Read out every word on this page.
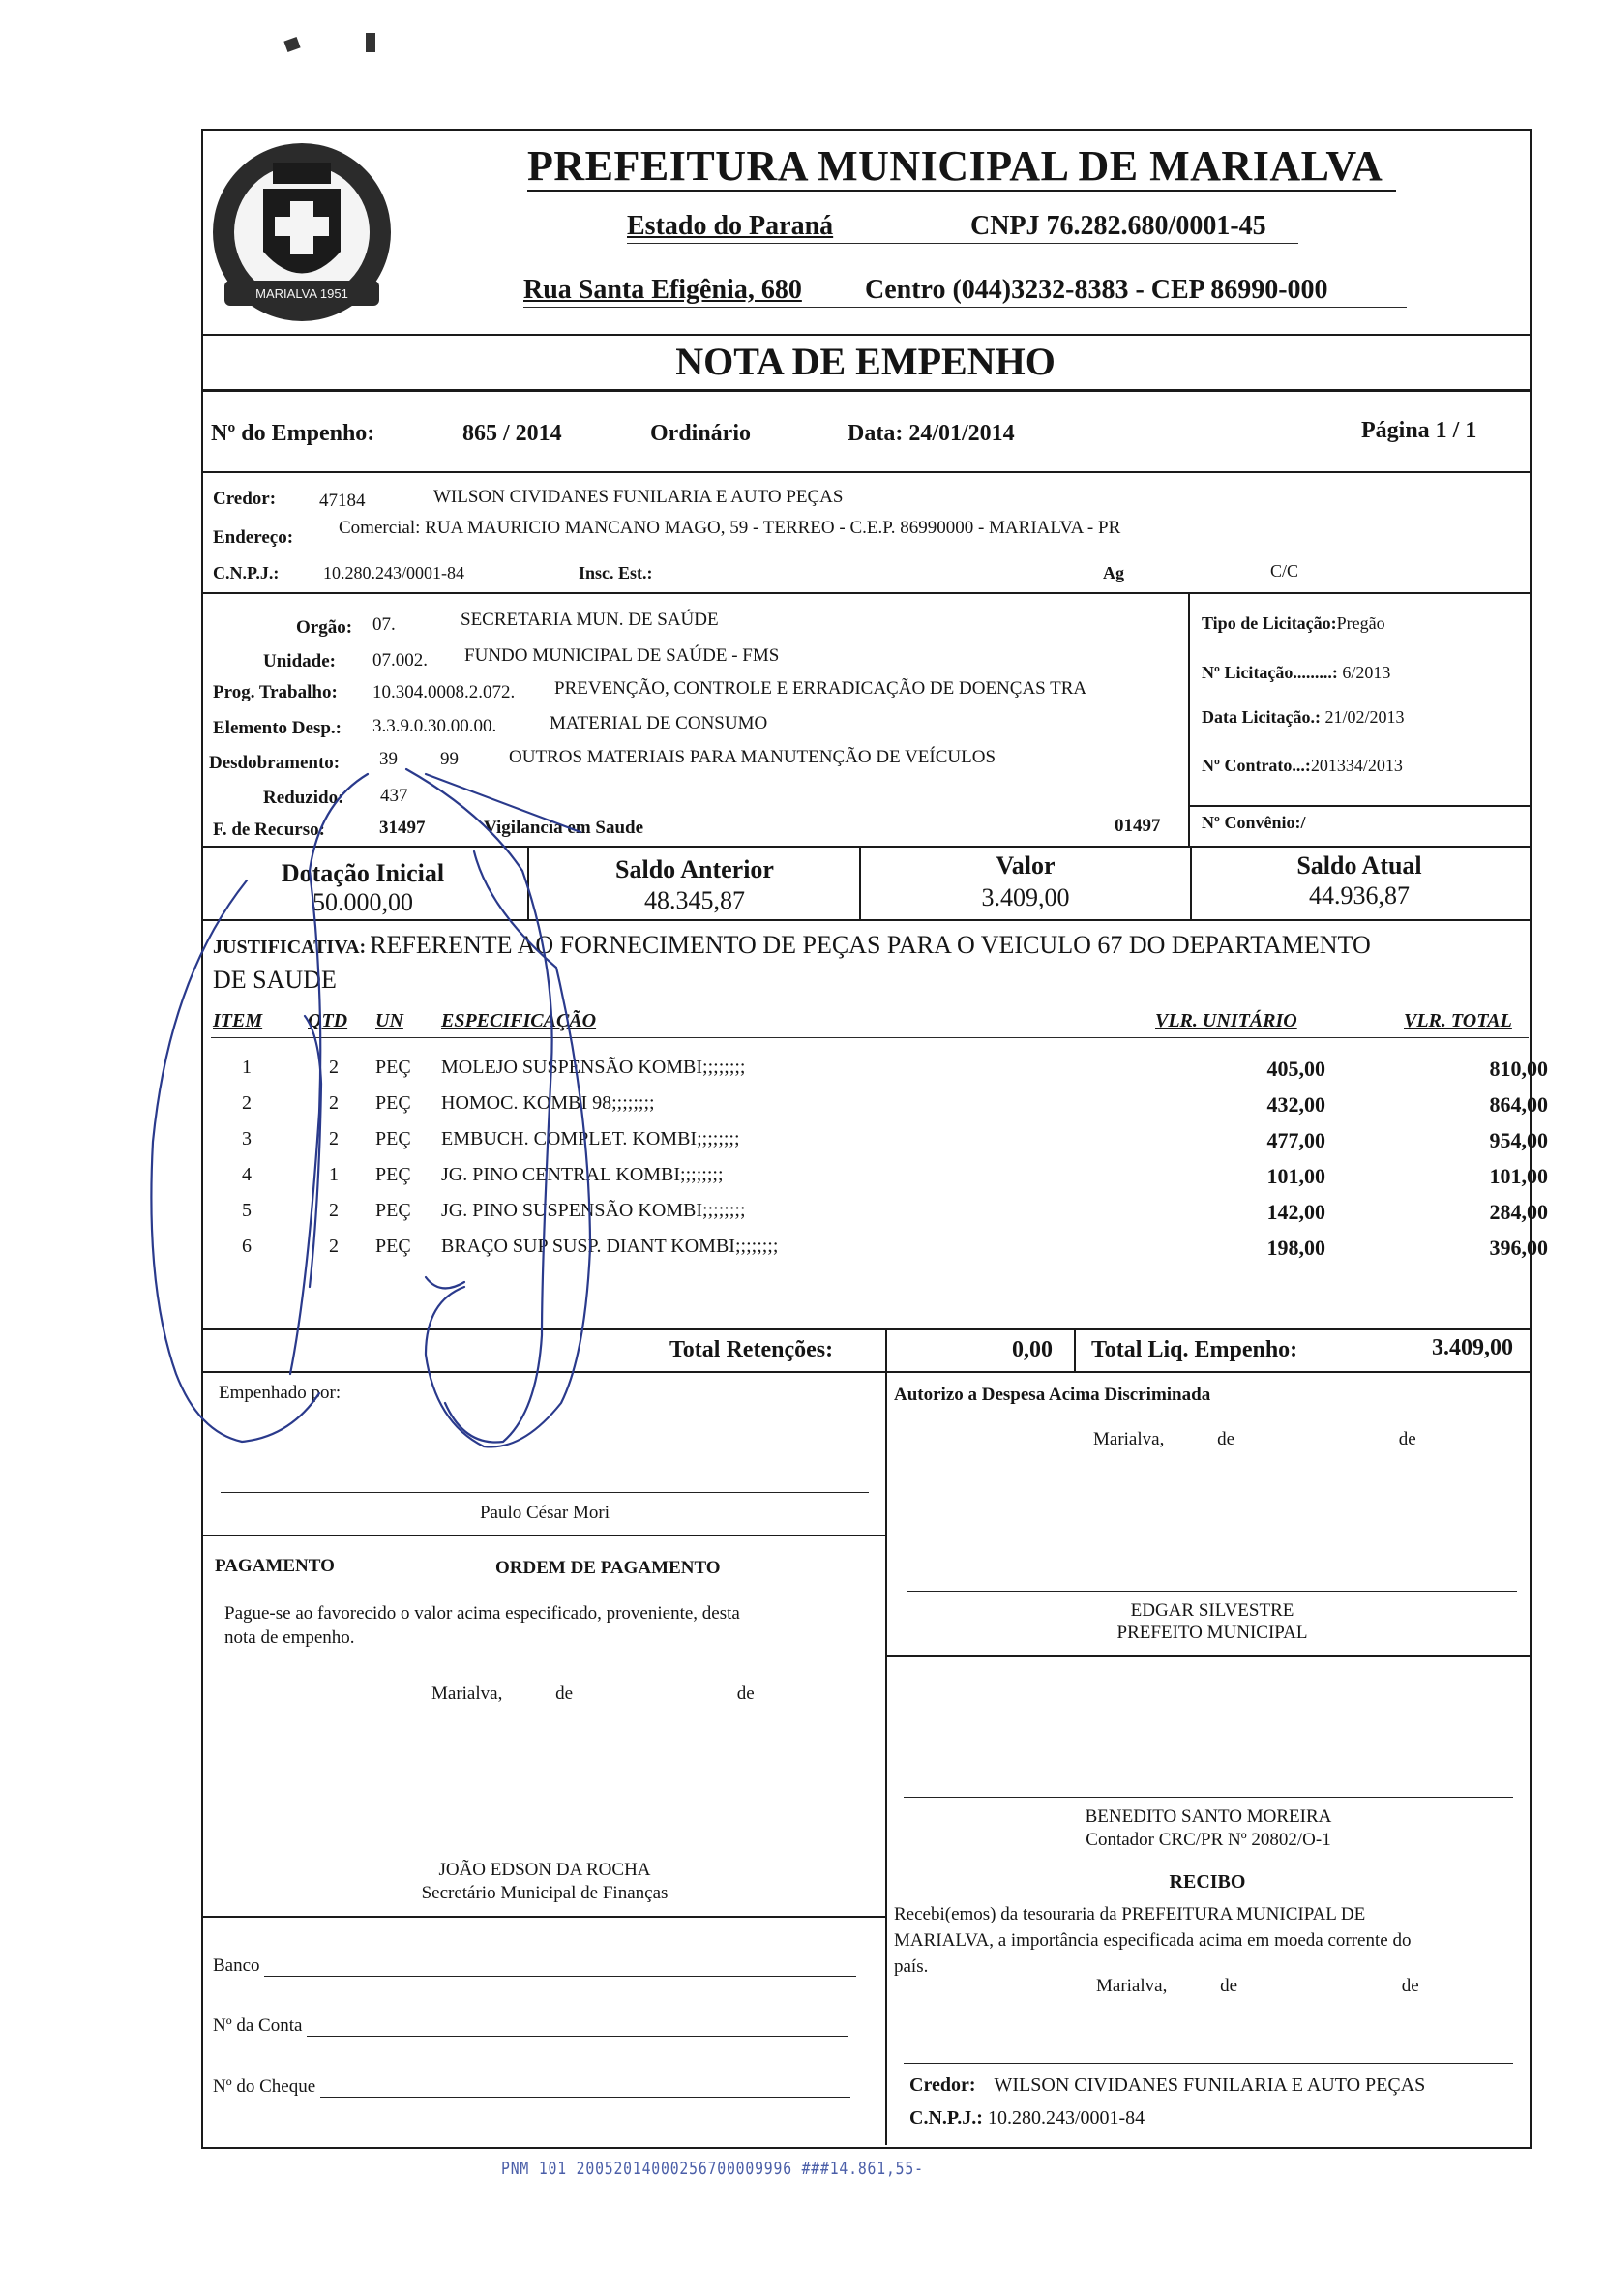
MARIALVA 1951
PREFEITURA MUNICIPAL DE MARIALVA
Estado do Paraná	CNPJ 76.282.680/0001-45
Rua Santa Efigênia, 680 Centro (044)3232-8383 - CEP 86990-000
NOTA DE EMPENHO
Nº do Empenho:	865 / 2014	Ordinário	Data: 24/01/2014	Página 1 / 1
Credor: 47184	WILSON CIVIDANES FUNILARIA E AUTO PEÇAS
Endereço: Comercial: RUA MAURICIO MANCANO MAGO, 59 - TERREO - C.E.P. 86990000 - MARIALVA - PR
C.N.P.J.:	10.280.243/0001-84	Insc. Est.:	Ag	C/C
Orgão: 07.	SECRETARIA MUN. DE SAÚDE
Unidade: 07.002. FUNDO MUNICIPAL DE SAÚDE - FMS
Prog. Trabalho: 10.304.0008.2.072. PREVENÇÃO, CONTROLE E ERRADICAÇÃO DE DOENÇAS TRA
Elemento Desp.: 3.3.9.0.30.00.00.	MATERIAL DE CONSUMO
Desdobramento: 39 99	OUTROS MATERIAIS PARA MANUTENÇÃO DE VEÍCULOS
Reduzido: 437
F. de Recurso:	31497	Vigilancia em Saude	01497
Tipo de Licitação:Pregão
Nº Licitação.........: 6/2013
Data Licitação.: 21/02/2013
Nº Contrato...:201334/2013
Nº Convênio:/
Dotação Inicial
50.000,00
Saldo Anterior
48.345,87
Valor
3.409,00
Saldo Atual
44.936,87
JUSTIFICATIVA: REFERENTE AO FORNECIMENTO DE PEÇAS PARA O VEICULO 67 DO DEPARTAMENTO
DE SAUDE
ITEM	QTD UN ESPECIFICAÇÃO	VLR. UNITÁRIO	VLR. TOTAL
1	2 PEÇ MOLEJO SUSPENSÃO KOMBI;;;;;;;;	405,00	810,00
2	2 PEÇ HOMOC. KOMBI 98;;;;;;;;	432,00	864,00
3	2 PEÇ EMBUCH. COMPLET. KOMBI;;;;;;;;	477,00	954,00
4	1 PEÇ JG. PINO CENTRAL KOMBI;;;;;;;;	101,00	101,00
5	2 PEÇ JG. PINO SUSPENSÃO KOMBI;;;;;;;;	142,00	284,00
6	2 PEÇ BRAÇO SUP SUSP. DIANT KOMBI;;;;;;;;	198,00	396,00
Total Retenções:	0,00 Total Liq. Empenho:	3.409,00
Empenhado por:
Paulo César Mori
Autorizo a Despesa Acima Discriminada
Marialva,	de	de
EDGAR SILVESTRE
PREFEITO MUNICIPAL
PAGAMENTO	ORDEM DE PAGAMENTO
Pague-se ao favorecido o valor acima especificado, proveniente, desta
nota de empenho.
Marialva,	de	de
BENEDITO SANTO MOREIRA
Contador CRC/PR Nº 20802/O-1
RECIBO
Recebi(emos) da tesouraria da PREFEITURA MUNICIPAL DE
MARIALVA, a importância especificada acima em moeda corrente do
país.
Marialva,	de	de
JOÃO EDSON DA ROCHA
Secretário Municipal de Finanças
Banco
Nº da Conta
Nº do Cheque	Credor: WILSON CIVIDANES FUNILARIA E AUTO PEÇAS
C.N.P.J.: 10.280.243/0001-84
PNM 101 20052014000256700009996 ###14.861,55-
